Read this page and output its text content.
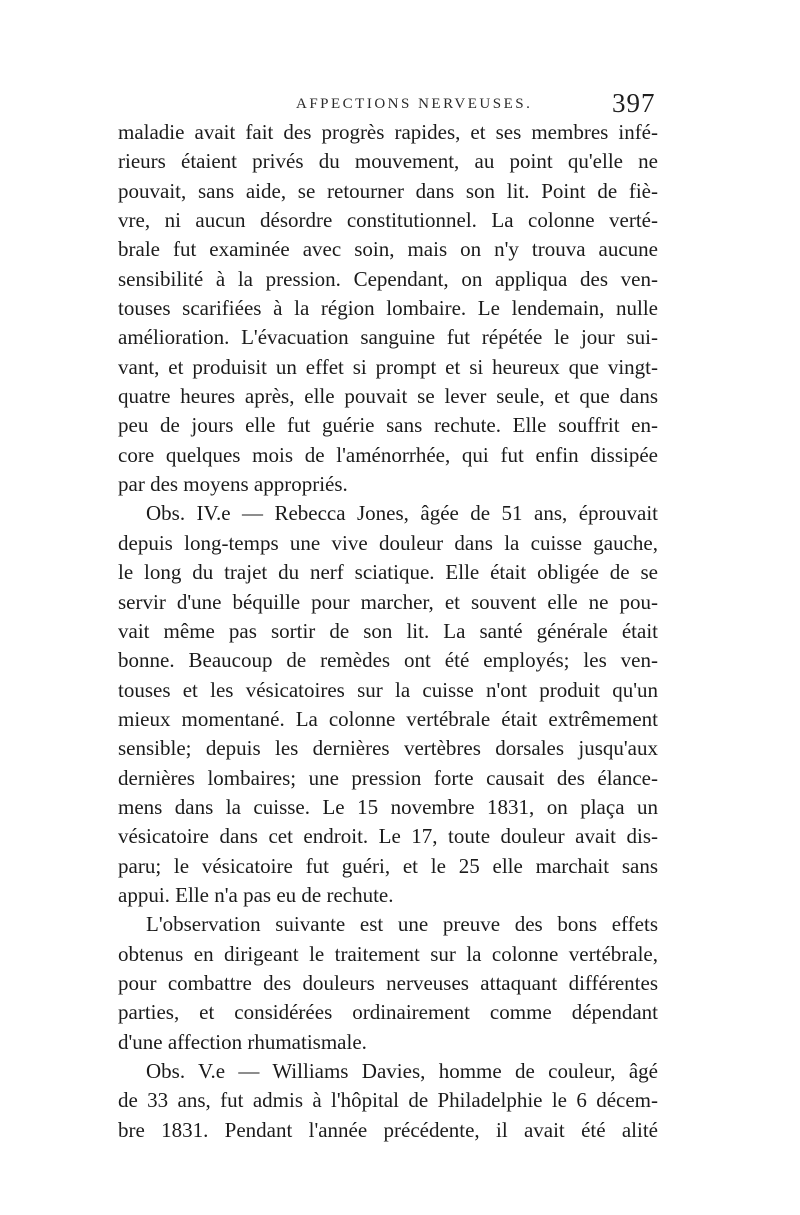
AFPECTIONS NERVEUSES.	397
maladie avait fait des progrès rapides, et ses membres infé-
rieurs étaient privés du mouvement, au point qu'elle ne
pouvait, sans aide, se retourner dans son lit. Point de fiè-
vre, ni aucun désordre constitutionnel. La colonne verté-
brale fut examinée avec soin, mais on n'y trouva aucune
sensibilité à la pression. Cependant, on appliqua des ven-
touses scarifiées à la région lombaire. Le lendemain, nulle
amélioration. L'évacuation sanguine fut répétée le jour sui-
vant, et produisit un effet si prompt et si heureux que vingt-
quatre heures après, elle pouvait se lever seule, et que dans
peu de jours elle fut guérie sans rechute. Elle souffrit en-
core quelques mois de l'aménorrhée, qui fut enfin dissipée
par des moyens appropriés.
Obs. IV.e — Rebecca Jones, âgée de 51 ans, éprouvait
depuis long-temps une vive douleur dans la cuisse gauche,
le long du trajet du nerf sciatique. Elle était obligée de se
servir d'une béquille pour marcher, et souvent elle ne pou-
vait même pas sortir de son lit. La santé générale était
bonne. Beaucoup de remèdes ont été employés; les ven-
touses et les vésicatoires sur la cuisse n'ont produit qu'un
mieux momentané. La colonne vertébrale était extrêmement
sensible; depuis les dernières vertèbres dorsales jusqu'aux
dernières lombaires; une pression forte causait des élance-
mens dans la cuisse. Le 15 novembre 1831, on plaça un
vésicatoire dans cet endroit. Le 17, toute douleur avait dis-
paru; le vésicatoire fut guéri, et le 25 elle marchait sans
appui. Elle n'a pas eu de rechute.
L'observation suivante est une preuve des bons effets
obtenus en dirigeant le traitement sur la colonne vertébrale,
pour combattre des douleurs nerveuses attaquant différentes
parties, et considérées ordinairement comme dépendant
d'une affection rhumatismale.
Obs. V.e — Williams Davies, homme de couleur, âgé
de 33 ans, fut admis à l'hôpital de Philadelphie le 6 décem-
bre 1831. Pendant l'année précédente, il avait été alité
